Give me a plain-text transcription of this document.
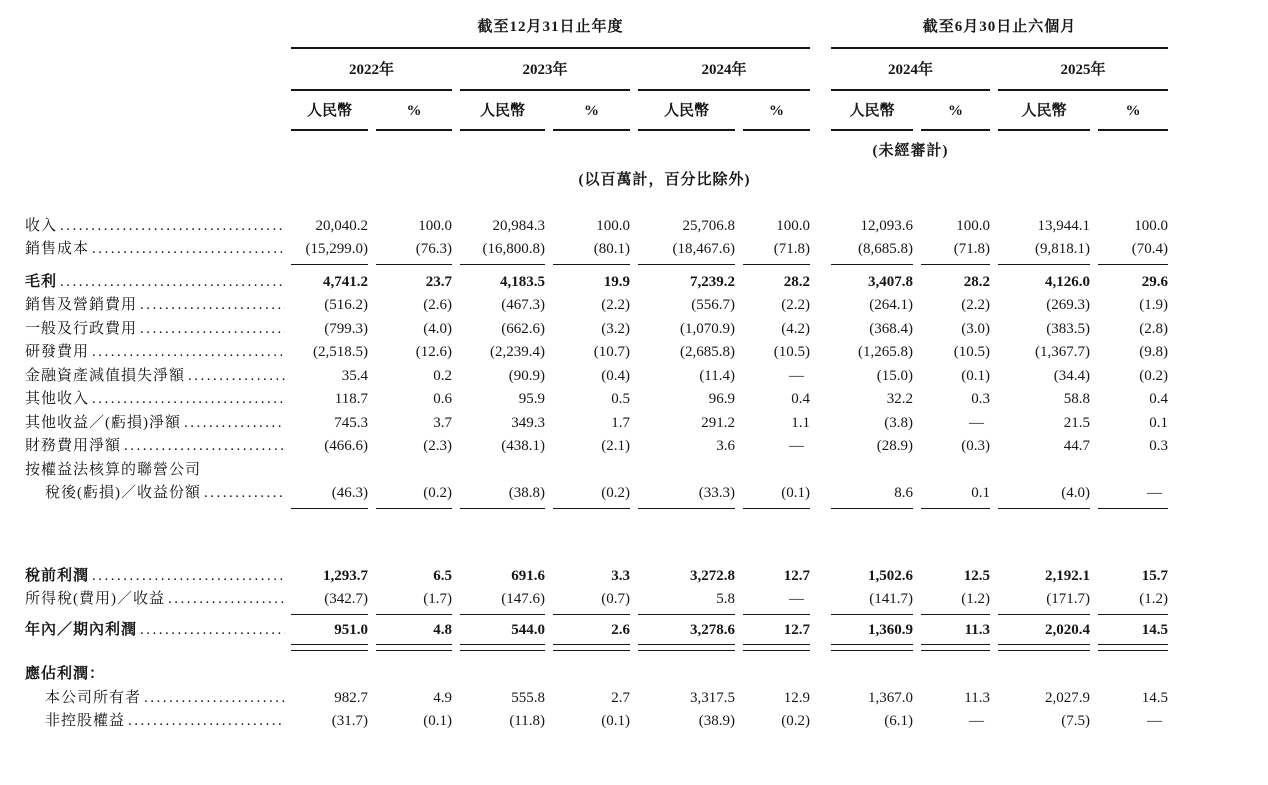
截至12月31日止年度	截至6月30日止六個月
2022年	2023年	2024年	2024年	2025年
人民幣	%	人民幣	%	人民幣	%	人民幣	%	人民幣	%
(未經審計)
(以百萬計，百分比除外)
收入 .....	20,040.2	100.0	20,984.3	100.0	25,706.8	100.0	12,093.6	100.0	13,944.1	100.0
銷售成本 .....	(15,299.0)	(76.3)	(16,800.8)	(80.1)	(18,467.6)	(71.8)	(8,685.8)	(71.8)	(9,818.1)	(70.4)
毛利 .....	4,741.2	23.7	4,183.5	19.9	7,239.2	28.2	3,407.8	28.2	4,126.0	29.6
銷售及營銷費用 .....	(516.2)	(2.6)	(467.3)	(2.2)	(556.7)	(2.2)	(264.1)	(2.2)	(269.3)	(1.9)
一般及行政費用 .....	(799.3)	(4.0)	(662.6)	(3.2)	(1,070.9)	(4.2)	(368.4)	(3.0)	(383.5)	(2.8)
研發費用 .....	(2,518.5)	(12.6)	(2,239.4)	(10.7)	(2,685.8)	(10.5)	(1,265.8)	(10.5)	(1,367.7)	(9.8)
金融資產減值損失淨額 .....	35.4	0.2	(90.9)	(0.4)	(11.4)	—	(15.0)	(0.1)	(34.4)	(0.2)
其他收入 .....	118.7	0.6	95.9	0.5	96.9	0.4	32.2	0.3	58.8	0.4
其他收益／(虧損)淨額 .....	745.3	3.7	349.3	1.7	291.2	1.1	(3.8)	—	21.5	0.1
財務費用淨額 .....	(466.6)	(2.3)	(438.1)	(2.1)	3.6	—	(28.9)	(0.3)	44.7	0.3
按權益法核算的聯營公司
稅後(虧損)／收益份額 .....	(46.3)	(0.2)	(38.8)	(0.2)	(33.3)	(0.1)	8.6	0.1	(4.0)	—
稅前利潤 .....	1,293.7	6.5	691.6	3.3	3,272.8	12.7	1,502.6	12.5	2,192.1	15.7
所得稅(費用)／收益 .....	(342.7)	(1.7)	(147.6)	(0.7)	5.8	—	(141.7)	(1.2)	(171.7)	(1.2)
年內／期內利潤 .....	951.0	4.8	544.0	2.6	3,278.6	12.7	1,360.9	11.3	2,020.4	14.5
應佔利潤：
本公司所有者 .....	982.7	4.9	555.8	2.7	3,317.5	12.9	1,367.0	11.3	2,027.9	14.5
非控股權益 .....	(31.7)	(0.1)	(11.8)	(0.1)	(38.9)	(0.2)	(6.1)	—	(7.5)	—
